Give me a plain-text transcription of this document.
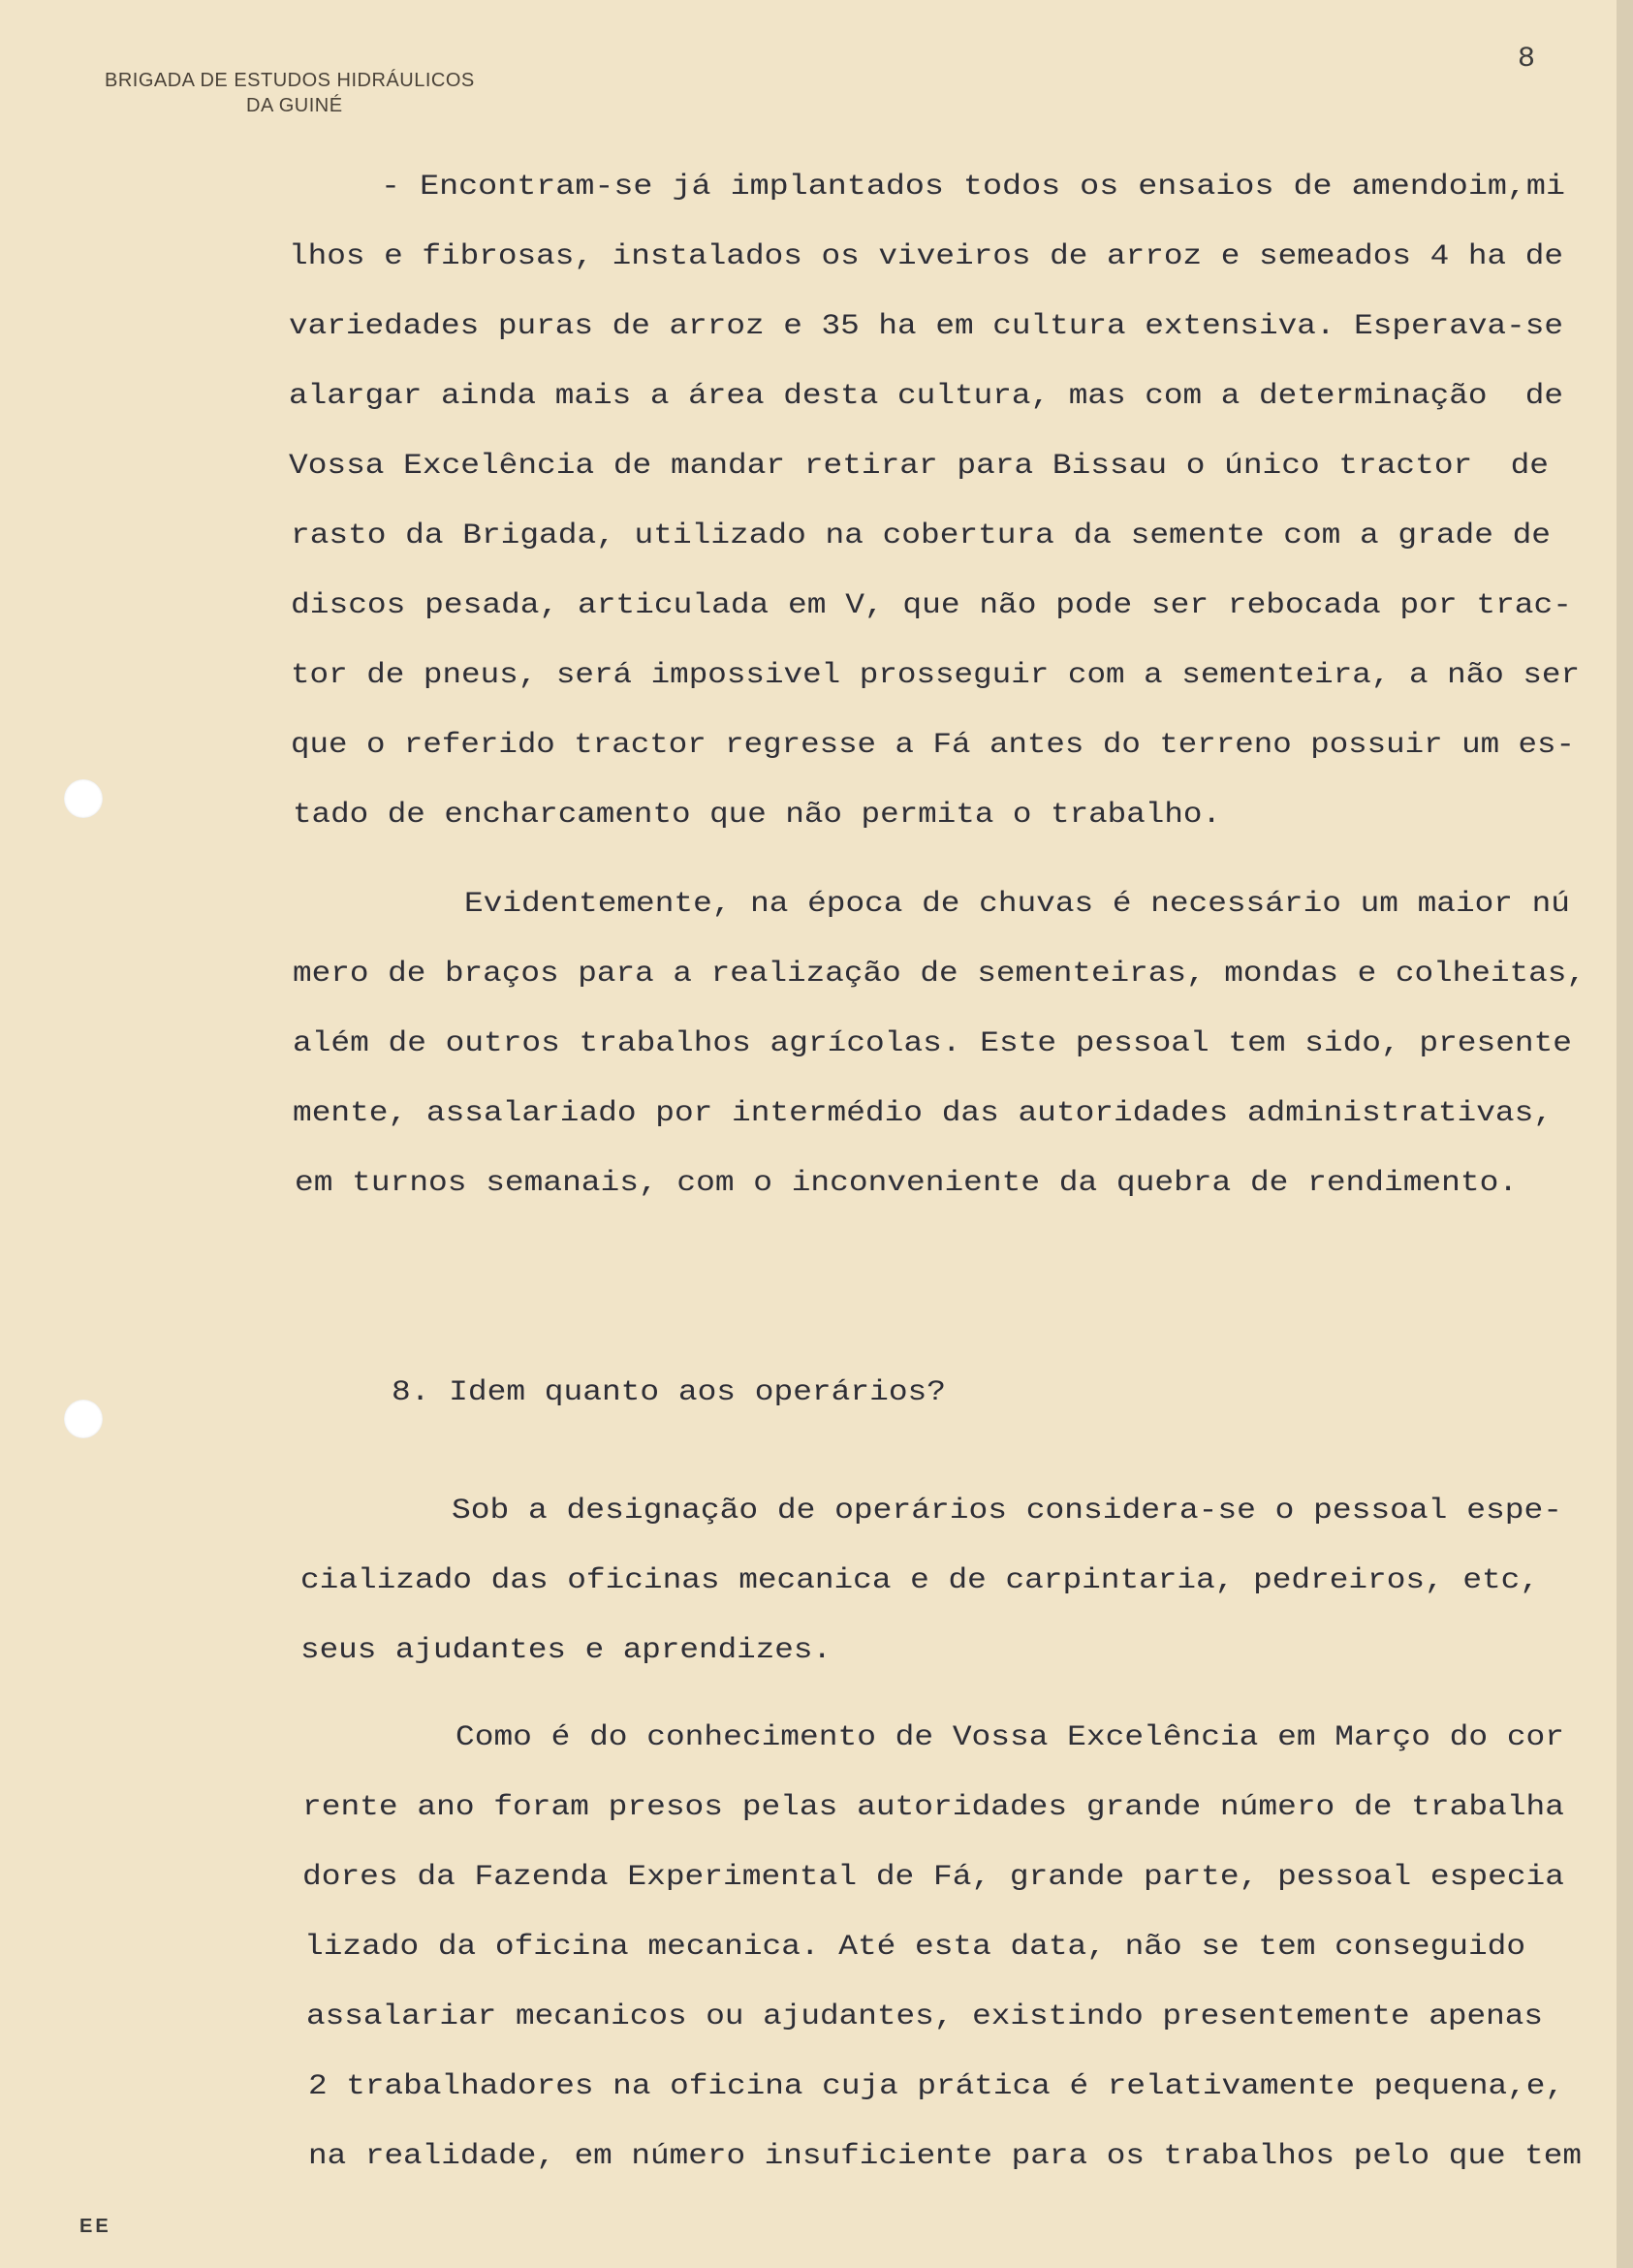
BRIGADA DE ESTUDOS HIDRÁULICOS
DA GUINÉ
8
- Encontram-se já implantados todos os ensaios de amendoim,mi
lhos e fibrosas, instalados os viveiros de arroz e semeados 4 ha de
variedades puras de arroz e 35 ha em cultura extensiva. Esperava-se
alargar ainda mais a área desta cultura, mas com a determinação  de
Vossa Excelência de mandar retirar para Bissau o único tractor  de
rasto da Brigada, utilizado na cobertura da semente com a grade de
discos pesada, articulada em V, que não pode ser rebocada por trac-
tor de pneus, será impossivel prosseguir com a sementeira, a não ser
que o referido tractor regresse a Fá antes do terreno possuir um es-
tado de encharcamento que não permita o trabalho.
Evidentemente, na época de chuvas é necessário um maior nú
mero de braços para a realização de sementeiras, mondas e colheitas,
além de outros trabalhos agrícolas. Este pessoal tem sido, presente
mente, assalariado por intermédio das autoridades administrativas,
em turnos semanais, com o inconveniente da quebra de rendimento.
8. Idem quanto aos operários?
Sob a designação de operários considera-se o pessoal espe-
cializado das oficinas mecanica e de carpintaria, pedreiros, etc,
seus ajudantes e aprendizes.
Como é do conhecimento de Vossa Excelência em Março do cor
rente ano foram presos pelas autoridades grande número de trabalha
dores da Fazenda Experimental de Fá, grande parte, pessoal especia
lizado da oficina mecanica. Até esta data, não se tem conseguido
assalariar mecanicos ou ajudantes, existindo presentemente apenas
2 trabalhadores na oficina cuja prática é relativamente pequena,e,
na realidade, em número insuficiente para os trabalhos pelo que tem
EE
